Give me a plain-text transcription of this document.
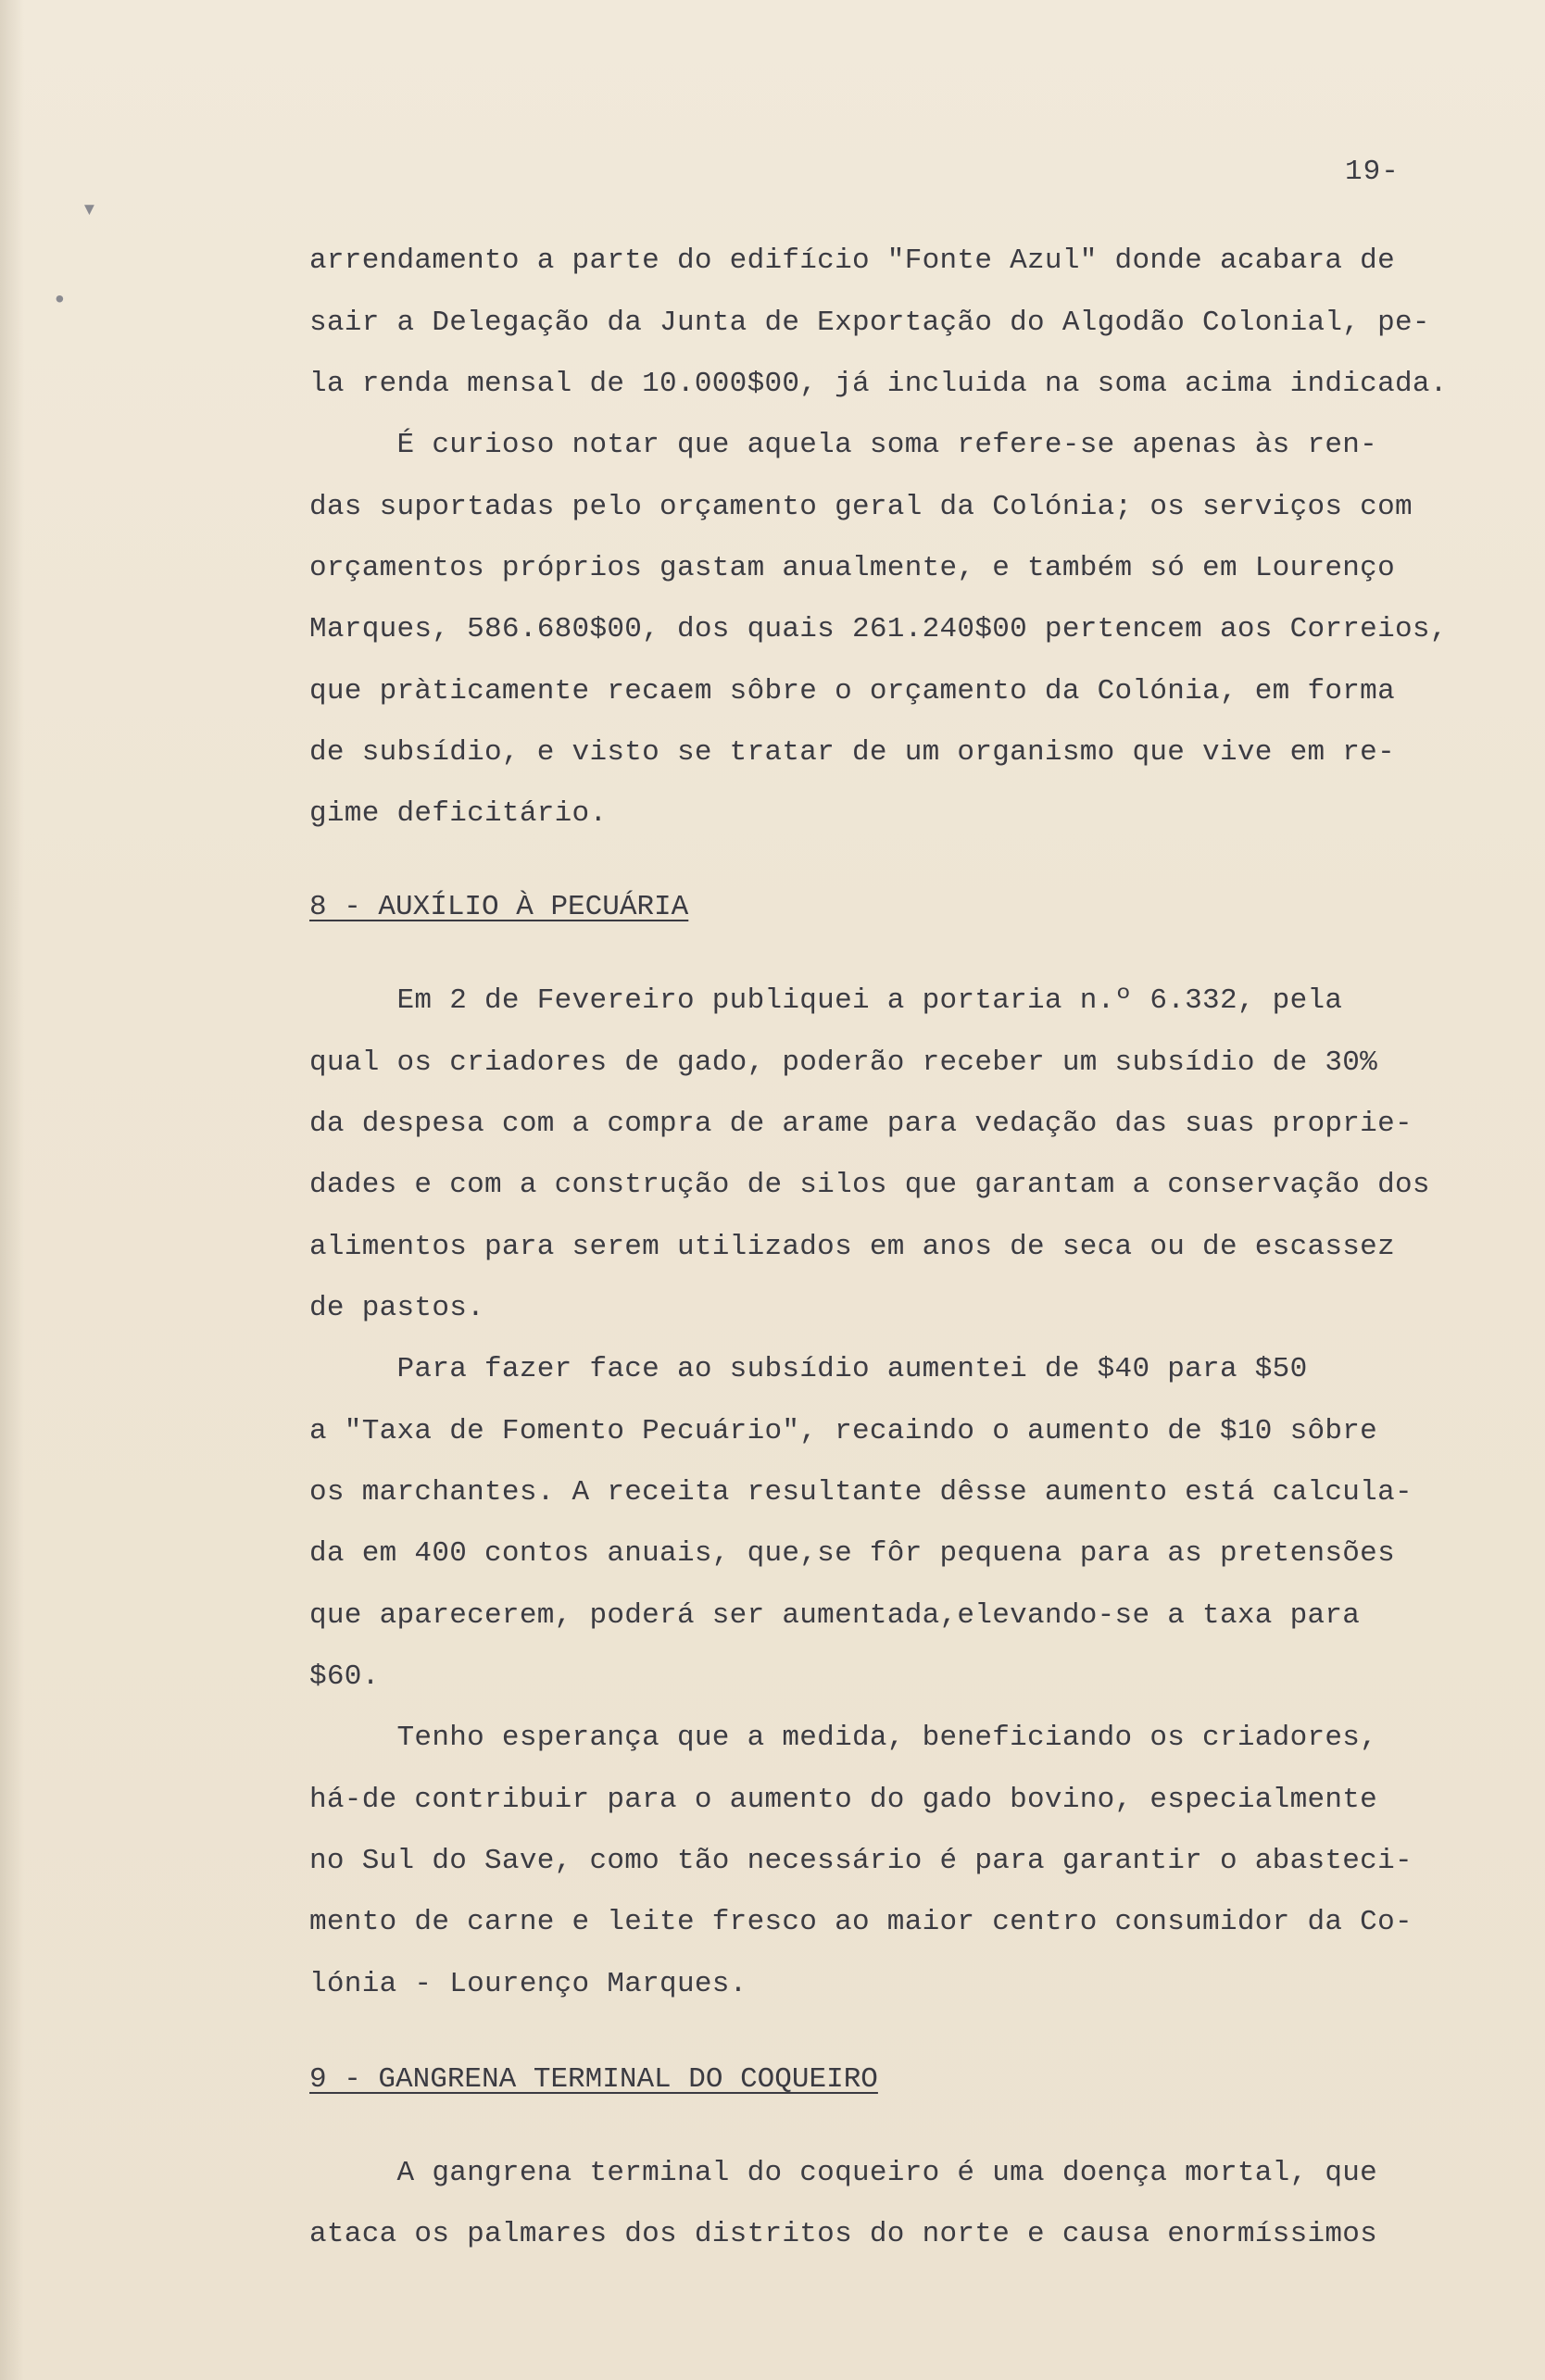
▾
•
19-
arrendamento a parte do edifício "Fonte Azul" donde acabara de
sair a Delegação da Junta de Exportação do Algodão Colonial, pe-
la renda mensal de 10.000$00, já incluida na soma acima indicada.
É curioso notar que aquela soma refere-se apenas às ren-
das suportadas pelo orçamento geral da Colónia; os serviços com
orçamentos próprios gastam anualmente, e também só em Lourenço
Marques, 586.680$00, dos quais 261.240$00 pertencem aos Correios,
que pràticamente recaem sôbre o orçamento da Colónia, em forma
de subsídio, e visto se tratar de um organismo que vive em re-
gime deficitário.
8 - AUXÍLIO À PECUÁRIA
Em 2 de Fevereiro publiquei a portaria n.º 6.332, pela
qual os criadores de gado, poderão receber um subsídio de 30%
da despesa com a compra de arame para vedação das suas proprie-
dades e com a construção de silos que garantam a conservação dos
alimentos para serem utilizados em anos de seca ou de escassez
de pastos.
Para fazer face ao subsídio aumentei de $40 para $50
a "Taxa de Fomento Pecuário", recaindo o aumento de $10 sôbre
os marchantes. A receita resultante dêsse aumento está calcula-
da em 400 contos anuais, que,se fôr pequena para as pretensões
que aparecerem, poderá ser aumentada,elevando-se a taxa para
$60.
Tenho esperança que a medida, beneficiando os criadores,
há-de contribuir para o aumento do gado bovino, especialmente
no Sul do Save, como tão necessário é para garantir o abasteci-
mento de carne e leite fresco ao maior centro consumidor da Co-
lónia - Lourenço Marques.
9 - GANGRENA TERMINAL DO COQUEIRO
A gangrena terminal do coqueiro é uma doença mortal, que
ataca os palmares dos distritos do norte e causa enormíssimos
